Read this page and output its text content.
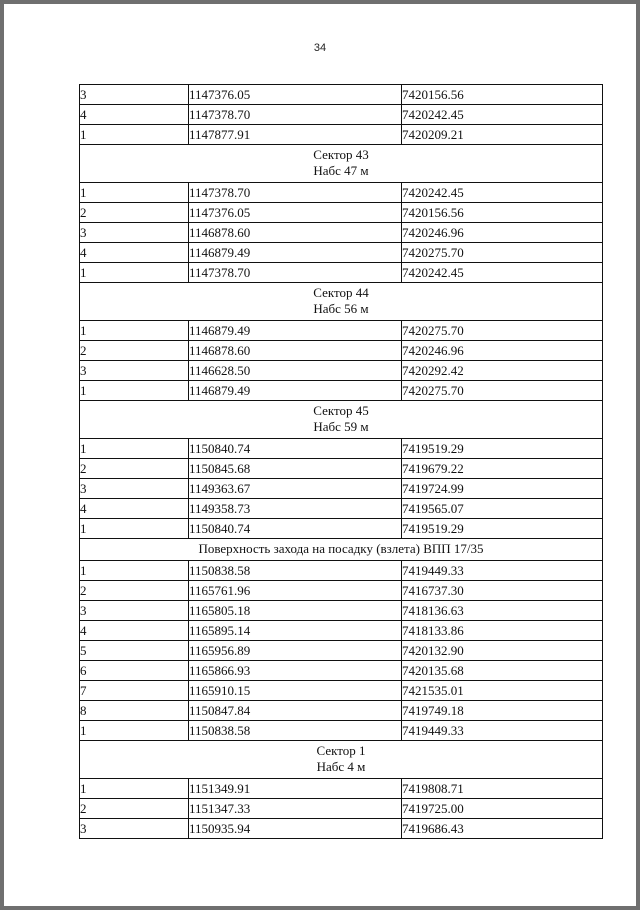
34
3	1147376.05	7420156.56
4	1147378.70	7420242.45
1	1147877.91	7420209.21

Сектор 43
Набс 47 м		

1	1147378.70	7420242.45
2	1147376.05	7420156.56
3	1146878.60	7420246.96
4	1146879.49	7420275.70
1	1147378.70	7420242.45

Сектор 44
Набс 56 м		

1	1146879.49	7420275.70
2	1146878.60	7420246.96
3	1146628.50	7420292.42
1	1146879.49	7420275.70

Сектор 45
Набс 59 м		

1	1150840.74	7419519.29
2	1150845.68	7419679.22
3	1149363.67	7419724.99
4	1149358.73	7419565.07
1	1150840.74	7419519.29

Поверхность захода на посадку (взлета) ВПП 17/35		

1	1150838.58	7419449.33
2	1165761.96	7416737.30
3	1165805.18	7418136.63
4	1165895.14	7418133.86
5	1165956.89	7420132.90
6	1165866.93	7420135.68
7	1165910.15	7421535.01
8	1150847.84	7419749.18
1	1150838.58	7419449.33

Сектор 1
Набс 4 м		

1	1151349.91	7419808.71
2	1151347.33	7419725.00
3	1150935.94	7419686.43
